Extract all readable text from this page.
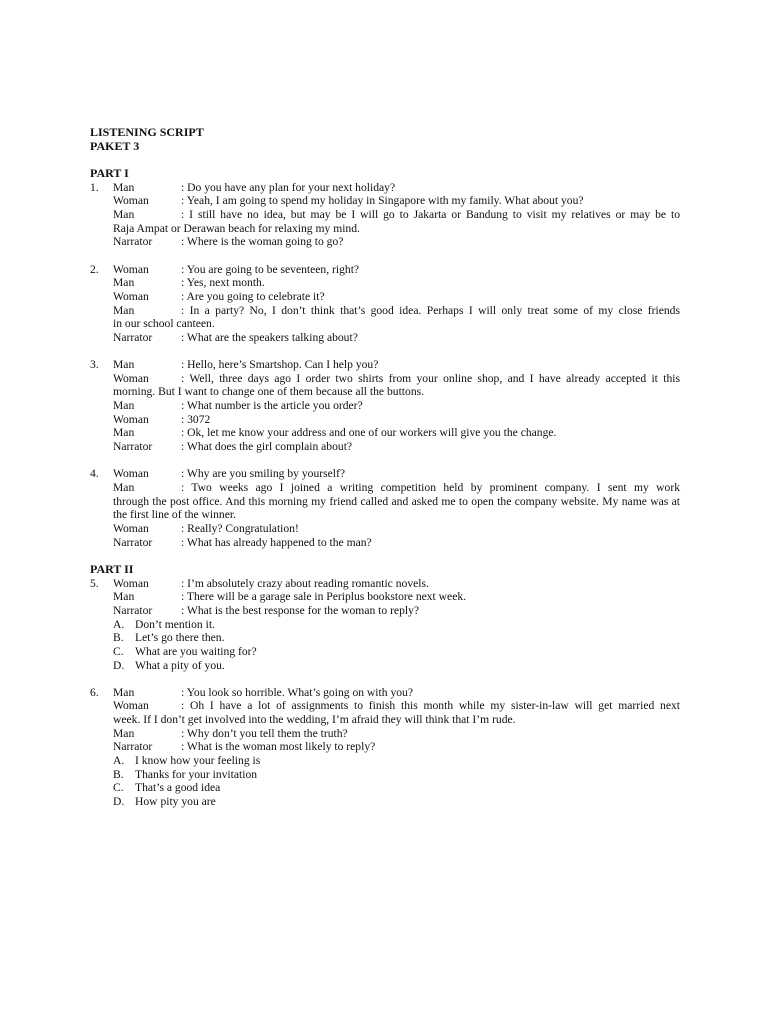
LISTENING SCRIPT
PAKET 3
PART I
1. Man	: Do you have any plan for your next holiday?
Woman	: Yeah, I am going to spend my holiday in Singapore with my family. What about you?
Man	: I still have no idea, but may be I will go to Jakarta or Bandung to visit my relatives or may be to
Raja Ampat or Derawan beach for relaxing my mind.
Narrator	: Where is the woman going to go?
2. Woman	: You are going to be seventeen, right?
Man	: Yes, next month.
Woman	: Are you going to celebrate it?
Man	: In a party? No, I don’t think that’s good idea. Perhaps I will only treat some of my close friends
in our school canteen.
Narrator	: What are the speakers talking about?
3. Man	: Hello, here’s Smartshop. Can I help you?
Woman	: Well, three days ago I order two shirts from your online shop, and I have already accepted it this
morning. But I want to change one of them because all the buttons.
Man	: What number is the article you order?
Woman	: 3072
Man	: Ok, let me know your address and one of our workers will give you the change.
Narrator	: What does the girl complain about?
4. Woman	: Why are you smiling by yourself?
Man	: Two weeks ago I joined a writing competition held by prominent company. I sent my work
through the post office. And this morning my friend called and asked me to open the company website. My name was at the first line of the winner.
Woman	: Really? Congratulation!
Narrator	: What has already happened to the man?
PART II
5. Woman	: I’m absolutely crazy about reading romantic novels.
Man	: There will be a garage sale in Periplus bookstore next week.
Narrator	: What is the best response for the woman to reply?
A. Don’t mention it.
B. Let’s go there then.
C. What are you waiting for?
D. What a pity of you.
6. Man	: You look so horrible. What’s going on with you?
Woman	: Oh I have a lot of assignments to finish this month while my sister-in-law will get married next
week. If I don’t get involved into the wedding, I’m afraid they will think that I’m rude.
Man	: Why don’t you tell them the truth?
Narrator	: What is the woman most likely to reply?
A. I know how your feeling is
B. Thanks for your invitation
C. That’s a good idea
D. How pity you are
